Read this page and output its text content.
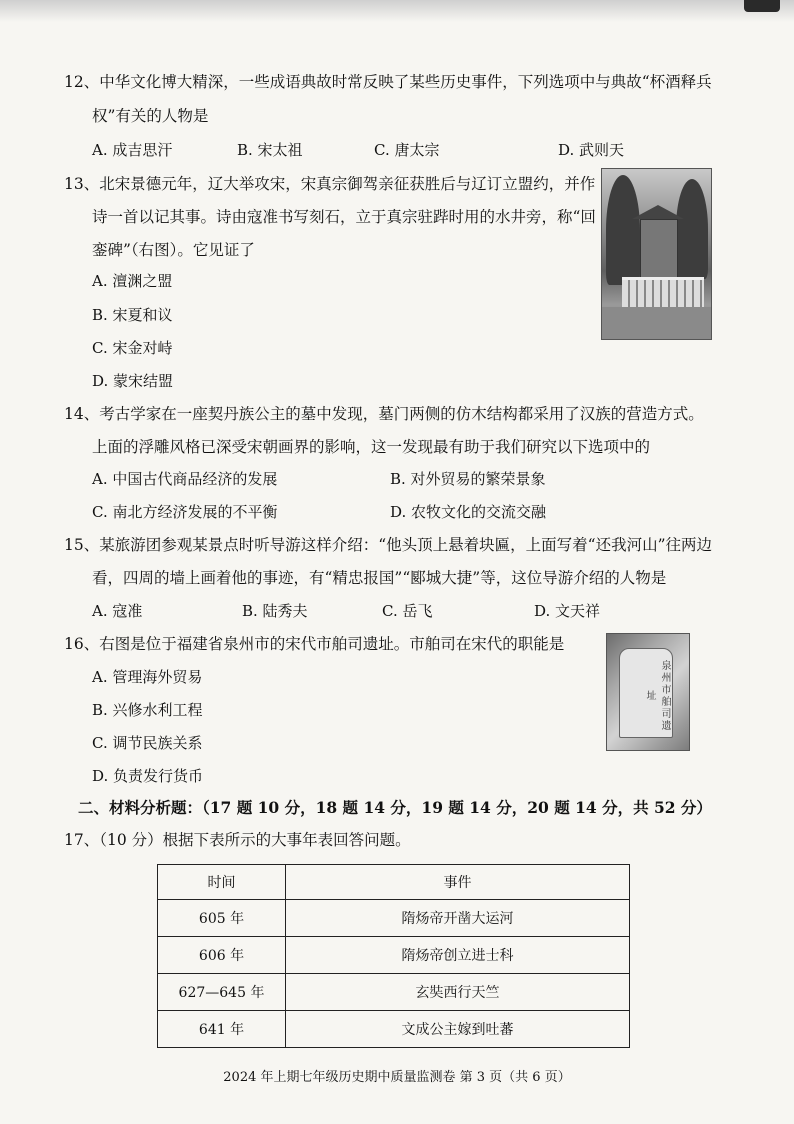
12、中华文化博大精深，一些成语典故时常反映了某些历史事件，下列选项中与典故“杯酒释兵
权”有关的人物是
A. 成吉思汗	B. 宋太祖	C. 唐太宗	D. 武则天
13、北宋景德元年，辽大举攻宋，宋真宗御驾亲征获胜后与辽订立盟约，并作
诗一首以记其事。诗由寇准书写刻石，立于真宗驻跸时用的水井旁，称“回
銮碑”（右图）。它见证了
A. 澶渊之盟
B. 宋夏和议
C. 宋金对峙
D. 蒙宋结盟
14、考古学家在一座契丹族公主的墓中发现，墓门两侧的仿木结构都采用了汉族的营造方式。
上面的浮雕风格已深受宋朝画界的影响，这一发现最有助于我们研究以下选项中的
A. 中国古代商品经济的发展	B. 对外贸易的繁荣景象
C. 南北方经济发展的不平衡	D. 农牧文化的交流交融
15、某旅游团参观某景点时听导游这样介绍：“他头顶上悬着块匾，上面写着“还我河山”往两边
看，四周的墙上画着他的事迹，有“精忠报国”“郾城大捷”等，这位导游介绍的人物是
A. 寇准	B. 陆秀夫	C. 岳飞	D. 文天祥
16、右图是位于福建省泉州市的宋代市舶司遗址。市舶司在宋代的职能是
A. 管理海外贸易
B. 兴修水利工程
C. 调节民族关系
D. 负责发行货币
泉州市舶司遗址
二、材料分析题：（17 题 10 分，18 题 14 分，19 题 14 分，20 题 14 分，共 52 分）
17、（10 分）根据下表所示的大事年表回答问题。
时间	事件
605 年	隋炀帝开凿大运河
606 年	隋炀帝创立进士科
627—645 年	玄奘西行天竺
641 年	文成公主嫁到吐蕃
2024 年上期七年级历史期中质量监测卷 第 3 页（共 6 页）
